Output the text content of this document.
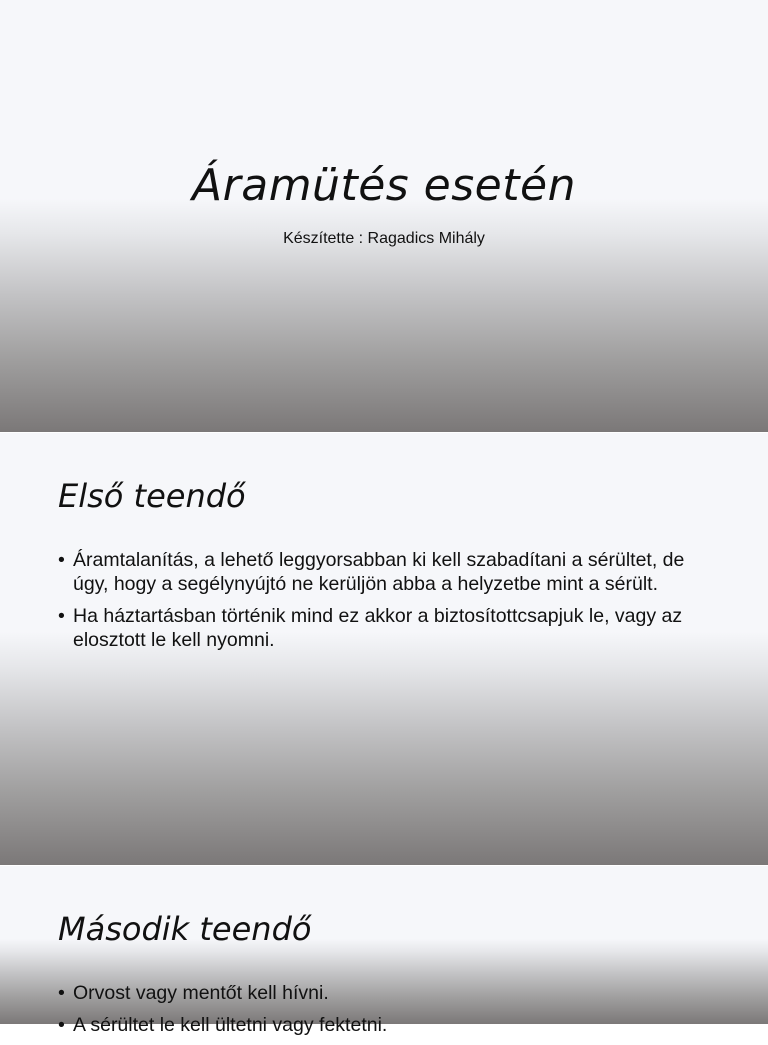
Áramütés esetén

Készítette : Ragadics Mihály

Első teendő
• Áramtalanítás, a lehető leggyorsabban ki kell szabadítani a sérültet, de úgy, hogy a segélynyújtó ne kerüljön abba a helyzetbe mint a sérült.
• Ha háztartásban történik mind ez akkor a biztosítottcsapjuk le, vagy az elosztott le kell nyomni.
Második teendő
• Orvost vagy mentőt kell hívni.
• A sérültet le kell ültetni vagy fektetni.
